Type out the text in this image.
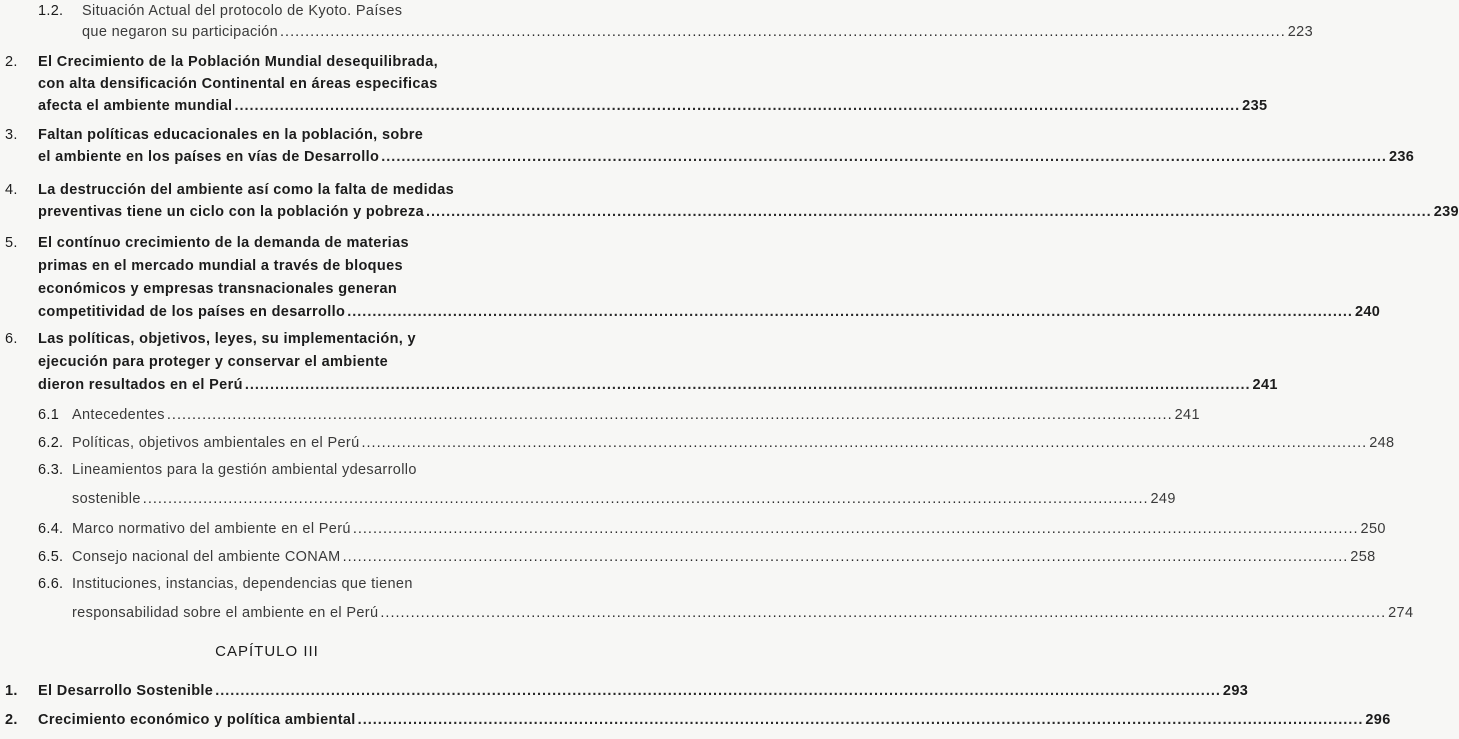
CAPÍTULO III
1.2. Situación Actual del protocolo de Kyoto. Países
que negaron su participación ........................................................................................................................................................................................................ 223
2. El Crecimiento de la Población Mundial desequilibrada,
con alta densificación Continental en áreas especificas
afecta el ambiente mundial ........................................................................................................................................................................................................ 235
3. Faltan políticas educacionales en la población, sobre
el ambiente en los países en vías de Desarrollo ........................................................................................................................................................................................................ 236
4. La destrucción del ambiente así como la falta de medidas
preventivas tiene un ciclo con la población y pobreza ........................................................................................................................................................................................................ 239
5. El contínuo crecimiento de la demanda de materias
primas en el mercado mundial a través de bloques
económicos y empresas transnacionales generan
competitividad de los países en desarrollo ........................................................................................................................................................................................................ 240
6. Las políticas, objetivos, leyes, su implementación, y
ejecución para proteger y conservar el ambiente
dieron resultados en el Perú ........................................................................................................................................................................................................ 241
6.1 Antecedentes ........................................................................................................................................................................................................ 241
6.2. Políticas, objetivos ambientales en el Perú ........................................................................................................................................................................................................ 248
6.3. Lineamientos para la gestión ambiental ydesarrollo
sostenible ........................................................................................................................................................................................................ 249
6.4. Marco normativo del ambiente en el Perú ........................................................................................................................................................................................................ 250
6.5. Consejo nacional del ambiente CONAM ........................................................................................................................................................................................................ 258
6.6. Instituciones, instancias, dependencias que tienen
responsabilidad sobre el ambiente en el Perú ........................................................................................................................................................................................................ 274
1. El Desarrollo Sostenible ........................................................................................................................................................................................................ 293
2. Crecimiento económico y política ambiental ........................................................................................................................................................................................................ 296
